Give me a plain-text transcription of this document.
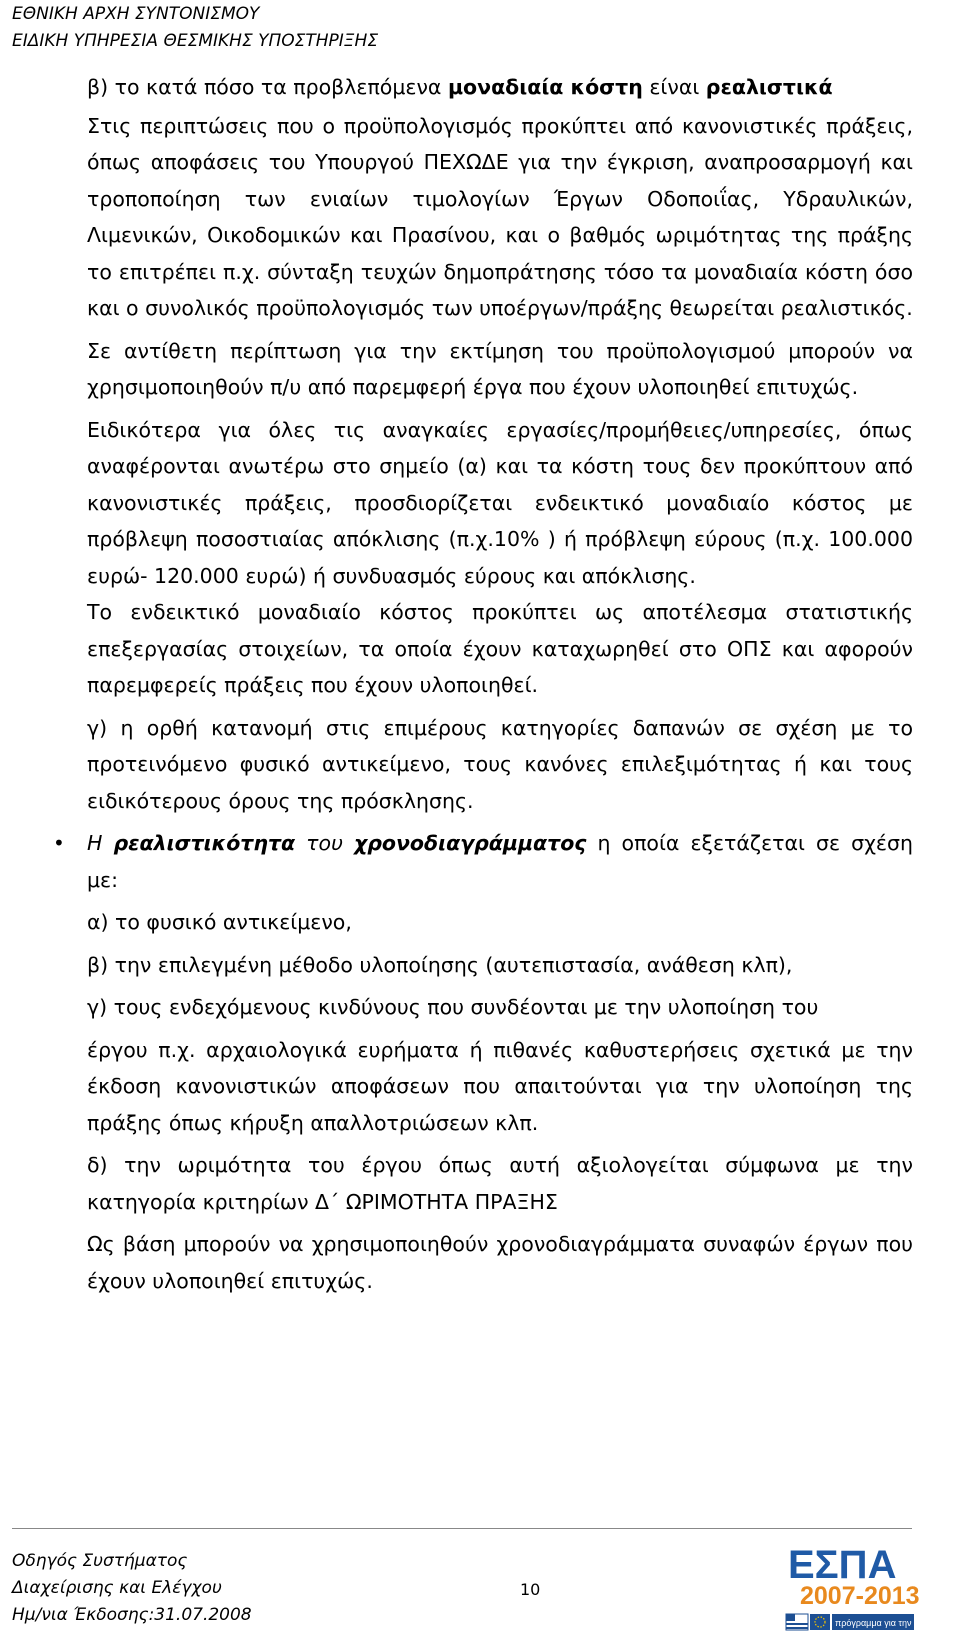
ΕΘΝΙΚΗ ΑΡΧΗ ΣΥΝΤΟΝΙΣΜΟΥ
ΕΙΔΙΚΗ ΥΠΗΡΕΣΙΑ ΘΕΣΜΙΚΗΣ ΥΠΟΣΤΗΡΙΞΗΣ

β) το κατά πόσο τα προβλεπόμενα μοναδιαία κόστη είναι ρεαλιστικά

Στις περιπτώσεις που ο προϋπολογισμός προκύπτει από κανονιστικές πράξεις, όπως αποφάσεις του Υπουργού ΠΕΧΩΔΕ για την έγκριση, αναπροσαρμογή και τροποποίηση των ενιαίων τιμολογίων Έργων Οδοποιΐας, Υδραυλικών, Λιμενικών, Οικοδομικών και Πρασίνου, και ο βαθμός ωριμότητας της πράξης το επιτρέπει π.χ. σύνταξη τευχών δημοπράτησης τόσο τα μοναδιαία κόστη όσο και ο συνολικός προϋπολογισμός των υποέργων/πράξης θεωρείται ρεαλιστικός.

Σε αντίθετη περίπτωση για την εκτίμηση του προϋπολογισμού μπορούν να χρησιμοποιηθούν π/υ από παρεμφερή έργα που έχουν υλοποιηθεί επιτυχώς.

Ειδικότερα για όλες τις αναγκαίες εργασίες/προμήθειες/υπηρεσίες, όπως αναφέρονται ανωτέρω στο σημείο (α) και τα κόστη τους δεν προκύπτουν από κανονιστικές πράξεις, προσδιορίζεται ενδεικτικό μοναδιαίο κόστος με πρόβλεψη ποσοστιαίας απόκλισης (π.χ.10% ) ή πρόβλεψη εύρους (π.χ. 100.000 ευρώ- 120.000 ευρώ) ή συνδυασμός εύρους και απόκλισης.

Το ενδεικτικό μοναδιαίο κόστος προκύπτει ως αποτέλεσμα στατιστικής επεξεργασίας στοιχείων, τα οποία έχουν καταχωρηθεί στο ΟΠΣ και αφορούν παρεμφερείς πράξεις που έχουν υλοποιηθεί.

γ) η ορθή κατανομή στις επιμέρους κατηγορίες δαπανών σε σχέση με το προτεινόμενο φυσικό αντικείμενο, τους κανόνες επιλεξιμότητας ή και τους ειδικότερους όρους της πρόσκλησης.

• Η ρεαλιστικότητα του χρονοδιαγράμματος η οποία εξετάζεται σε σχέση με:

α) το φυσικό αντικείμενο,

β) την επιλεγμένη μέθοδο υλοποίησης (αυτεπιστασία, ανάθεση κλπ),

γ) τους ενδεχόμενους κινδύνους που συνδέονται με την υλοποίηση του

έργου π.χ. αρχαιολογικά ευρήματα ή πιθανές καθυστερήσεις σχετικά με την έκδοση κανονιστικών αποφάσεων που απαιτούνται για την υλοποίηση της πράξης όπως κήρυξη απαλλοτριώσεων κλπ.

δ) την ωριμότητα του έργου όπως αυτή αξιολογείται σύμφωνα με την κατηγορία κριτηρίων Δ΄ ΩΡΙΜΟΤΗΤΑ ΠΡΑΞΗΣ

Ως βάση μπορούν να χρησιμοποιηθούν χρονοδιαγράμματα συναφών έργων που έχουν υλοποιηθεί επιτυχώς.

Οδηγός Συστήματος
Διαχείρισης και Ελέγχου
Ημ/νια Έκδοσης:31.07.2008
10
ΕΣΠΑ
2007-2013
πρόγραμμα για την ανάπτυξη
